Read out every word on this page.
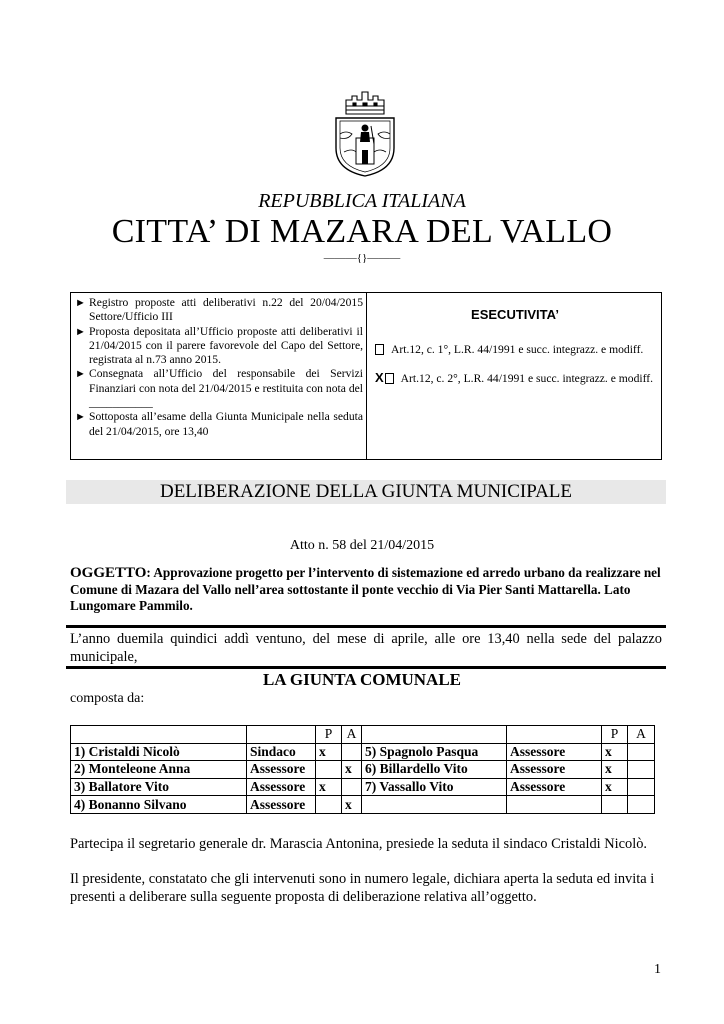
REPUBBLICA ITALIANA
CITTA’ DI MAZARA DEL VALLO
———{}———
► Registro proposte atti deliberativi n.22 del 20/04/2015 Settore/Ufficio III
► Proposta depositata all’Ufficio proposte atti deliberativi il 21/04/2015 con il parere favorevole del Capo del Settore, registrata al n.73 anno 2015.
► Consegnata all’Ufficio del responsabile dei Servizi Finanziari con nota del 21/04/2015 e restituita con nota del ___________
► Sottoposta all’esame della Giunta Municipale nella seduta del 21/04/2015, ore 13,40
ESECUTIVITA’
Art.12, c. 1°, L.R. 44/1991 e succ. integrazz. e modiff.
X Art.12, c. 2°, L.R. 44/1991 e succ. integrazz. e modiff.
DELIBERAZIONE DELLA GIUNTA MUNICIPALE
Atto n. 58 del 21/04/2015
OGGETTO: Approvazione progetto per l’intervento di sistemazione ed arredo urbano da realizzare nel Comune di Mazara del Vallo nell’area sottostante il ponte vecchio di Via Pier Santi Mattarella. Lato Lungomare Pammilo.
L’anno duemila quindici addì ventuno, del mese di aprile, alle ore 13,40 nella sede del palazzo municipale,
LA GIUNTA COMUNALE
composta da:
		P	A			P	A
1) Cristaldi Nicolò	Sindaco	x		5) Spagnolo Pasqua	Assessore	x	
2) Monteleone Anna	Assessore		x	6) Billardello Vito	Assessore	x	
3) Ballatore Vito	Assessore	x		7) Vassallo Vito	Assessore	x	
4) Bonanno Silvano	Assessore		x				
Partecipa il segretario generale dr. Marascia Antonina, presiede la seduta il sindaco Cristaldi Nicolò.
Il presidente, constatato che gli intervenuti sono in numero legale, dichiara aperta la seduta ed invita i presenti a deliberare sulla seguente proposta di deliberazione relativa all’oggetto.
1
